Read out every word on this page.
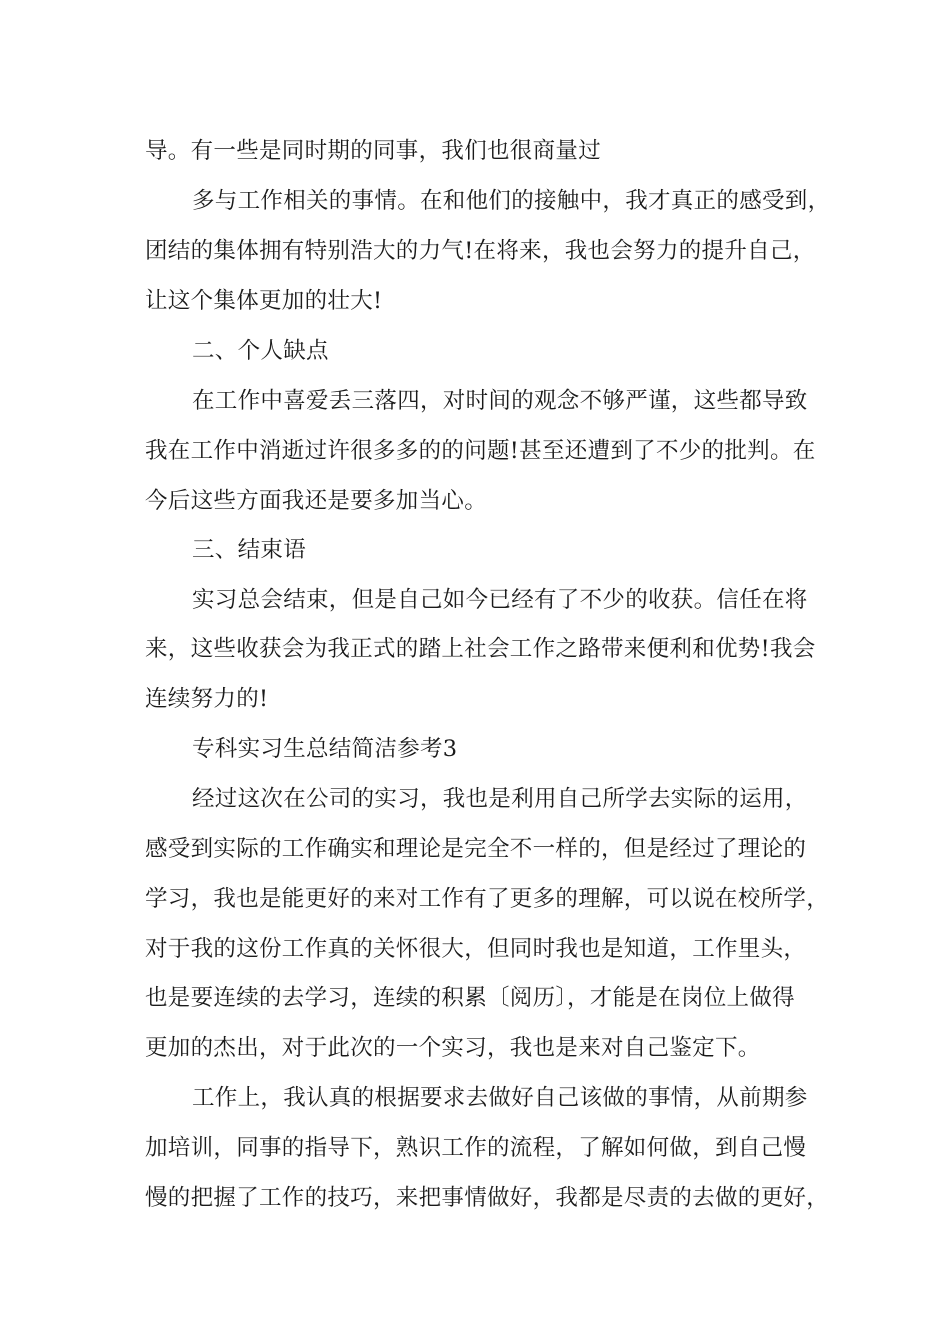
导。有一些是同时期的同事，我们也很商量过
多与工作相关的事情。在和他们的接触中，我才真正的感受到，
团结的集体拥有特别浩大的力气!在将来，我也会努力的提升自己，
让这个集体更加的壮大!
二、个人缺点
在工作中喜爱丢三落四，对时间的观念不够严谨，这些都导致
我在工作中消逝过许很多多的的问题!甚至还遭到了不少的批判。在
今后这些方面我还是要多加当心。
三、结束语
实习总会结束，但是自己如今已经有了不少的收获。信任在将
来，这些收获会为我正式的踏上社会工作之路带来便利和优势!我会
连续努力的!
专科实习生总结简洁参考3
经过这次在公司的实习，我也是利用自己所学去实际的运用，
感受到实际的工作确实和理论是完全不一样的，但是经过了理论的
学习，我也是能更好的来对工作有了更多的理解，可以说在校所学，
对于我的这份工作真的关怀很大，但同时我也是知道，工作里头，
也是要连续的去学习，连续的积累〔阅历〕，才能是在岗位上做得
更加的杰出，对于此次的一个实习，我也是来对自己鉴定下。
工作上，我认真的根据要求去做好自己该做的事情，从前期参
加培训，同事的指导下，熟识工作的流程，了解如何做，到自己慢
慢的把握了工作的技巧，来把事情做好，我都是尽责的去做的更好，
